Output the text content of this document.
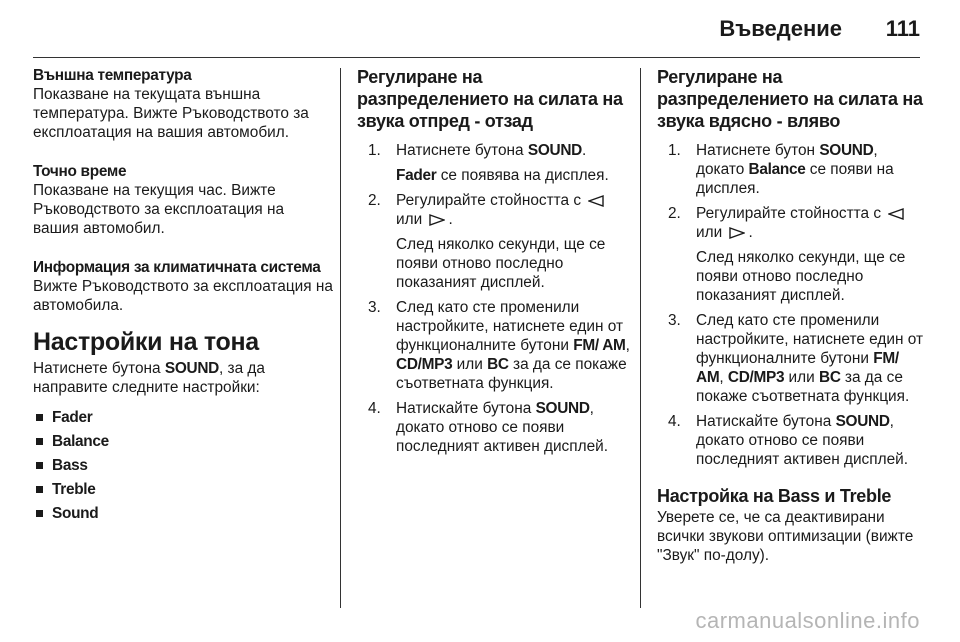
Въведение 111
Външна температура
Показване на текущата външна температура. Вижте Ръководството за експлоатация на вашия автомобил.
Точно време
Показване на текущия час. Вижте Ръководството за експлоатация на вашия автомобил.
Информация за климатичната система
Вижте Ръководството за експлоатация на автомобила.
Настройки на тона
Натиснете бутона SOUND, за да направите следните настройки:
Fader
Balance
Bass
Treble
Sound
Регулиране на разпределението на силата на звука отпред - отзад
1. Натиснете бутона SOUND.

Fader се появява на дисплея.

2. Регулирайте стойността с
или .

След няколко секунди, ще се появи отново последно показаният дисплей.

3. След като сте променили настройките, натиснете един от функционалните бутони FM/ AM, CD/MP3 или BC за да се покаже съответната функция.

4. Натискайте бутона SOUND, докато отново се появи последният активен дисплей.

Регулиране на разпределението на силата на звука вдясно - вляво
1. Натиснете бутон SOUND, докато Balance се появи на дисплея.

2. Регулирайте стойността с
или .

След няколко секунди, ще се появи отново последно показаният дисплей.

3. След като сте променили настройките, натиснете един от функционалните бутони FM/ AM, CD/MP3 или BC за да се покаже съответната функция.

4. Натискайте бутона SOUND, докато отново се появи последният активен дисплей.

Настройка на Bass и Treble
Уверете се, че са деактивирани всички звукови оптимизации (вижте "Звук" по-долу).
carmanualsonline.info
